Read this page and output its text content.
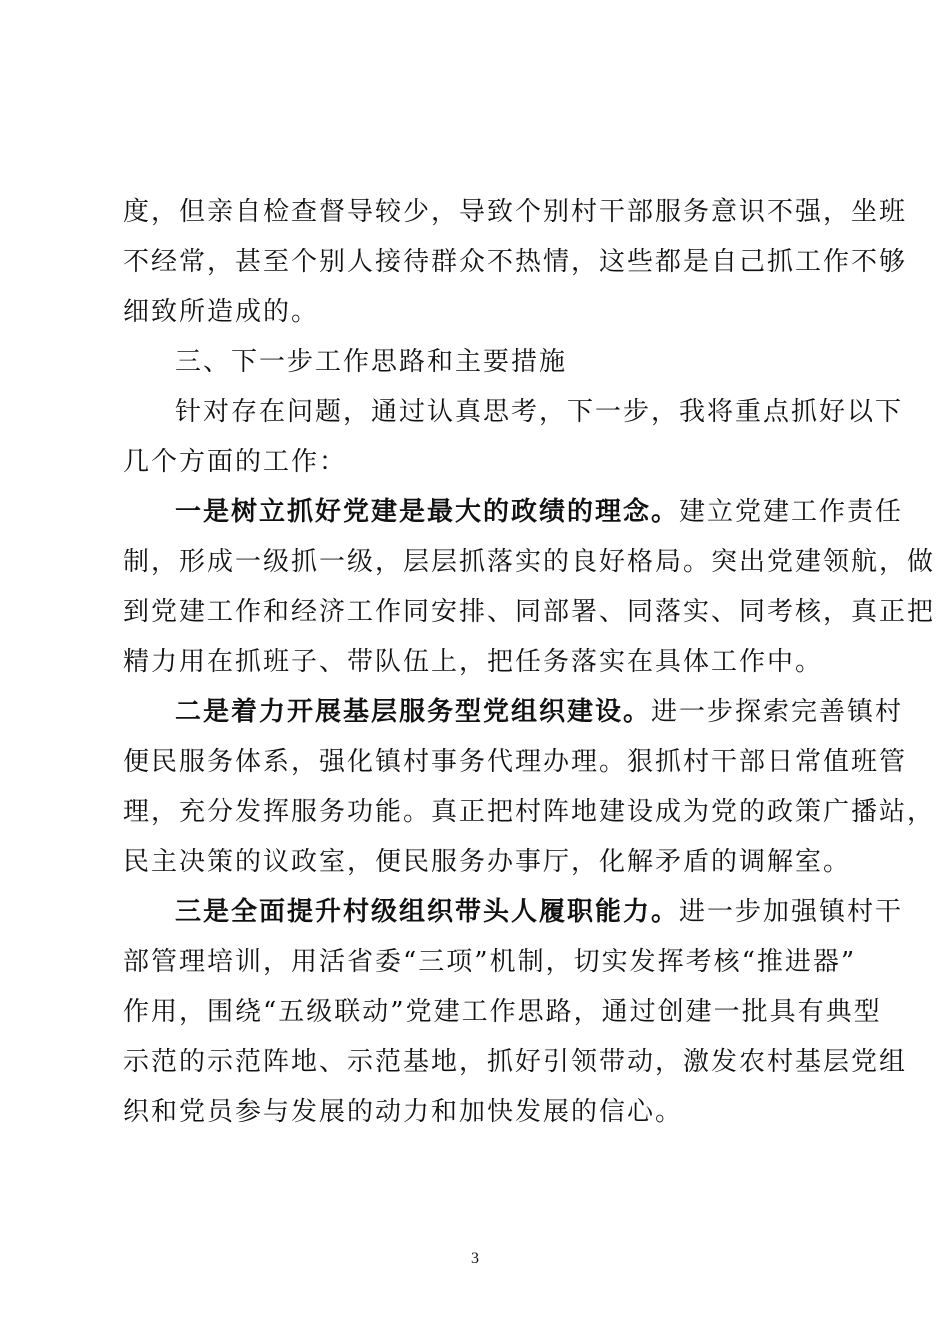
度，但亲自检查督导较少，导致个别村干部服务意识不强，坐班
不经常，甚至个别人接待群众不热情，这些都是自己抓工作不够
细致所造成的。
三、下一步工作思路和主要措施
针对存在问题，通过认真思考，下一步，我将重点抓好以下
几个方面的工作：
一是树立抓好党建是最大的政绩的理念。建立党建工作责任
制，形成一级抓一级，层层抓落实的良好格局。突出党建领航，做
到党建工作和经济工作同安排、同部署、同落实、同考核，真正把
精力用在抓班子、带队伍上，把任务落实在具体工作中。
二是着力开展基层服务型党组织建设。进一步探索完善镇村
便民服务体系，强化镇村事务代理办理。狠抓村干部日常值班管
理，充分发挥服务功能。真正把村阵地建设成为党的政策广播站，
民主决策的议政室，便民服务办事厅，化解矛盾的调解室。
三是全面提升村级组织带头人履职能力。进一步加强镇村干
部管理培训，用活省委“三项”机制，切实发挥考核“推进器”
作用，围绕“五级联动”党建工作思路，通过创建一批具有典型
示范的示范阵地、示范基地，抓好引领带动，激发农村基层党组
织和党员参与发展的动力和加快发展的信心。
3
